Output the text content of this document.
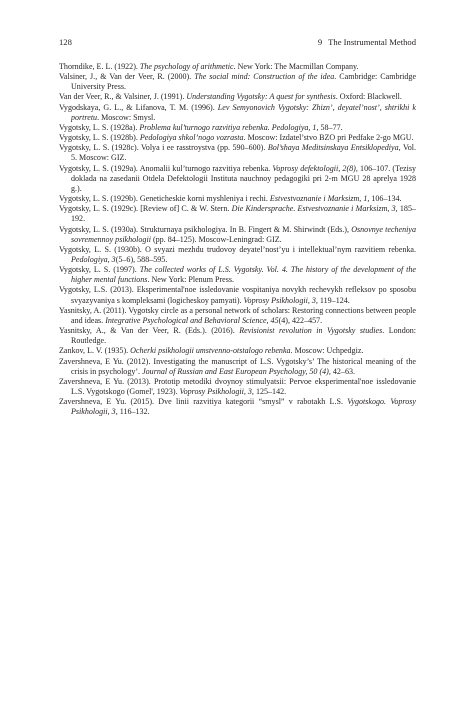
128	9 The Instrumental Method

Thorndike, E. L. (1922). The psychology of arithmetic. New York: The Macmillan Company.

Valsiner, J., & Van der Veer, R. (2000). The social mind: Construction of the idea. Cambridge: Cambridge University Press.

Van der Veer, R., & Valsiner, J. (1991). Understanding Vygotsky: A quest for synthesis. Oxford: Blackwell.

Vygodskaya, G. L., & Lifanova, T. M. (1996). Lev Semyonovich Vygotsky: Zhizn’, deyatel’nost’, shtrikhi k portretu. Moscow: Smysl.

Vygotsky, L. S. (1928a). Problema kul’turnogo razvitiya rebenka. Pedologiya, 1, 58–77.

Vygotsky, L. S. (1928b). Pedologiya shkol’nogo vozrasta. Moscow: Izdatel’stvo BZO pri Pedfake 2-go MGU.

Vygotsky, L. S. (1928c). Volya i ee rasstroystva (pp. 590–600). Bol’shaya Meditsinskaya Entsiklopediya, Vol. 5. Moscow: GIZ.

Vygotsky, L. S. (1929a). Anomalii kul’turnogo razvitiya rebenka. Voprosy defektologii, 2(8), 106–107. (Tezisy doklada na zasedanii Otdela Defektologii Instituta nauchnoy pedagogiki pri 2-m MGU 28 aprelya 1928 g.).

Vygotsky, L. S. (1929b). Geneticheskie korni myshleniya i rechi. Estvestvoznanie i Marksizm, 1, 106–134.

Vygotsky, L. S. (1929c). [Review of] C. & W. Stern. Die Kindersprache. Estvestvoznanie i Marksizm, 3, 185–192.

Vygotsky, L. S. (1930a). Strukturnaya psikhologiya. In B. Fingert & M. Shirwindt (Eds.), Osnovnye techeniya sovremennoy psikhologii (pp. 84–125). Moscow-Leningrad: GIZ.

Vygotsky, L. S. (1930b). O svyazi mezhdu trudovoy deyatel’nost’yu i intellektual’nym razvitiem rebenka. Pedologiya, 3(5–6), 588–595.

Vygotsky, L. S. (1997). The collected works of L.S. Vygotsky. Vol. 4. The history of the development of the higher mental functions. New York: Plenum Press.

Vygotsky, L.S. (2013). Eksperimental'noe issledovanie vospitaniya novykh rechevykh refleksov po sposobu svyazyvaniya s kompleksami (logicheskoy pamyati). Voprosy Psikhologii, 3, 119–124.

Yasnitsky, A. (2011). Vygotsky circle as a personal network of scholars: Restoring connections between people and ideas. Integrative Psychological and Behavioral Science, 45(4), 422–457.

Yasnitsky, A., & Van der Veer, R. (Eds.). (2016). Revisionist revolution in Vygotsky studies. London: Routledge.

Zankov, L. V. (1935). Ocherki psikhologii umstvenno-otstalogo rebenka. Moscow: Uchpedgiz.

Zavershneva, E Yu. (2012). Investigating the manuscript of L.S. Vygotsky’s’ The historical meaning of the crisis in psychology’. Journal of Russian and East European Psychology, 50 (4), 42–63.

Zavershneva, E Yu. (2013). Prototip metodiki dvoynoy stimulyatsii: Pervoe eksperimental'noe issledovanie L.S. Vygotskogo (Gomel', 1923). Voprosy Psikhologii, 3, 125–142.

Zavershneva, E Yu. (2015). Dve linii razvitiya kategorii “smysl” v rabotakh L.S. Vygotskogo. Voprosy Psikhologii, 3, 116–132.
